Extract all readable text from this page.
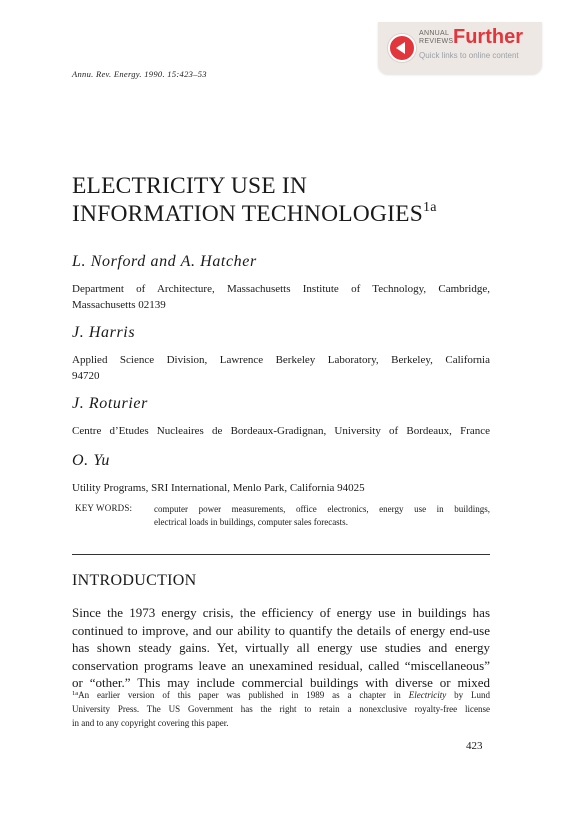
ANNUAL
REVIEWS Further
Quick links to online content
Annu. Rev. Energy. 1990. 15:423–53
ELECTRICITY USE IN
INFORMATION $TECHNOLOGIES^{1a}$
L. Norford and A. Hatcher
Department of Architecture, Massachusetts Institute of Technology, Cambridge,
Massachusetts 02139
J. Harris
Applied Science Division, Lawrence Berkeley Laboratory, Berkeley, California
94720
J. Roturier
Centre d’Etudes Nucleaires de Bordeaux-Gradignan, University of Bordeaux, France
O. Yu
Utility Programs, SRI International, Menlo Park, California 94025
KEY WORDS: computer power measurements, office electronics, energy use in buildings,
electrical loads in buildings, computer sales forecasts.
INTRODUCTION
Since the 1973 energy crisis, the efficiency of energy use in buildings has
continued to improve, and our ability to quantify the details of energy end-use
has shown steady gains. Yet, virtually all energy use studies and energy
conservation programs leave an unexamined residual, called “miscellaneous”
or “other.” This may include commercial buildings with diverse or mixed
$^{1a}$An earlier version of this paper was published in 1989 as a chapter in Electricity by Lund
University Press. The US Government has the right to retain a nonexclusive royalty-free license
in and to any copyright covering this paper.
423
